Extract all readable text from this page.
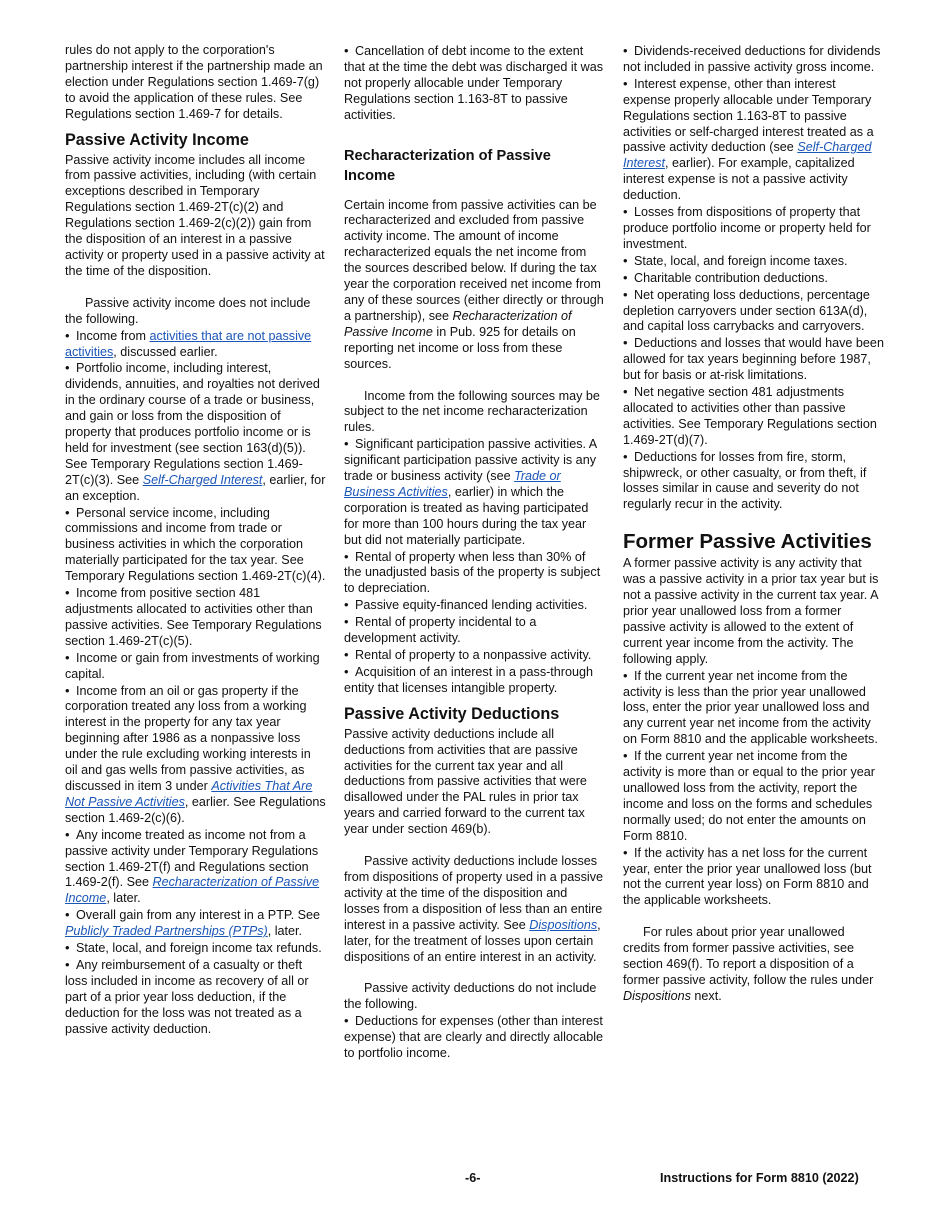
rules do not apply to the corporation's partnership interest if the partnership made an election under Regulations section 1.469-7(g) to avoid the application of these rules. See Regulations section 1.469-7 for details.

Passive Activity Income

Passive activity income includes all income from passive activities, including (with certain exceptions described in Temporary Regulations section 1.469-2T(c)(2) and Regulations section 1.469-2(c)(2)) gain from the disposition of an interest in a passive activity or property used in a passive activity at the time of the disposition.

Passive activity income does not include the following.

• Income from activities that are not passive activities, discussed earlier.

• Portfolio income, including interest, dividends, annuities, and royalties not derived in the ordinary course of a trade or business, and gain or loss from the disposition of property that produces portfolio income or is held for investment (see section 163(d)(5)). See Temporary Regulations section 1.469-2T(c)(3). See Self-Charged Interest, earlier, for an exception.

• Personal service income, including commissions and income from trade or business activities in which the corporation materially participated for the tax year. See Temporary Regulations section 1.469-2T(c)(4).

• Income from positive section 481 adjustments allocated to activities other than passive activities. See Temporary Regulations section 1.469-2T(c)(5).

• Income or gain from investments of working capital.

• Income from an oil or gas property if the corporation treated any loss from a working interest in the property for any tax year beginning after 1986 as a nonpassive loss under the rule excluding working interests in oil and gas wells from passive activities, as discussed in item 3 under Activities That Are Not Passive Activities, earlier. See Regulations section 1.469-2(c)(6).

• Any income treated as income not from a passive activity under Temporary Regulations section 1.469-2T(f) and Regulations section 1.469-2(f). See Recharacterization of Passive Income, later.

• Overall gain from any interest in a PTP. See Publicly Traded Partnerships (PTPs), later.

• State, local, and foreign income tax refunds.

• Any reimbursement of a casualty or theft loss included in income as recovery of all or part of a prior year loss deduction, if the deduction for the loss was not treated as a passive activity deduction.

• Cancellation of debt income to the extent that at the time the debt was discharged it was not properly allocable under Temporary Regulations section 1.163-8T to passive activities.

Recharacterization of Passive Income

Certain income from passive activities can be recharacterized and excluded from passive activity income. The amount of income recharacterized equals the net income from the sources described below. If during the tax year the corporation received net income from any of these sources (either directly or through a partnership), see Recharacterization of Passive Income in Pub. 925 for details on reporting net income or loss from these sources.

Income from the following sources may be subject to the net income recharacterization rules.

• Significant participation passive activities. A significant participation passive activity is any trade or business activity (see Trade or Business Activities, earlier) in which the corporation is treated as having participated for more than 100 hours during the tax year but did not materially participate.

• Rental of property when less than 30% of the unadjusted basis of the property is subject to depreciation.

• Passive equity-financed lending activities.

• Rental of property incidental to a development activity.

• Rental of property to a nonpassive activity.

• Acquisition of an interest in a pass-through entity that licenses intangible property.

Passive Activity Deductions

Passive activity deductions include all deductions from activities that are passive activities for the current tax year and all deductions from passive activities that were disallowed under the PAL rules in prior tax years and carried forward to the current tax year under section 469(b).

Passive activity deductions include losses from dispositions of property used in a passive activity at the time of the disposition and losses from a disposition of less than an entire interest in a passive activity. See Dispositions, later, for the treatment of losses upon certain dispositions of an entire interest in an activity.

Passive activity deductions do not include the following.

• Deductions for expenses (other than interest expense) that are clearly and directly allocable to portfolio income.

• Dividends-received deductions for dividends not included in passive activity gross income.

• Interest expense, other than interest expense properly allocable under Temporary Regulations section 1.163-8T to passive activities or self-charged interest treated as a passive activity deduction (see Self-Charged Interest, earlier). For example, capitalized interest expense is not a passive activity deduction.

• Losses from dispositions of property that produce portfolio income or property held for investment.

• State, local, and foreign income taxes.

• Charitable contribution deductions.

• Net operating loss deductions, percentage depletion carryovers under section 613A(d), and capital loss carrybacks and carryovers.

• Deductions and losses that would have been allowed for tax years beginning before 1987, but for basis or at-risk limitations.

• Net negative section 481 adjustments allocated to activities other than passive activities. See Temporary Regulations section 1.469-2T(d)(7).

• Deductions for losses from fire, storm, shipwreck, or other casualty, or from theft, if losses similar in cause and severity do not regularly recur in the activity.

Former Passive Activities

A former passive activity is any activity that was a passive activity in a prior tax year but is not a passive activity in the current tax year. A prior year unallowed loss from a former passive activity is allowed to the extent of current year income from the activity. The following apply.

• If the current year net income from the activity is less than the prior year unallowed loss, enter the prior year unallowed loss and any current year net income from the activity on Form 8810 and the applicable worksheets.

• If the current year net income from the activity is more than or equal to the prior year unallowed loss from the activity, report the income and loss on the forms and schedules normally used; do not enter the amounts on Form 8810.

• If the activity has a net loss for the current year, enter the prior year unallowed loss (but not the current year loss) on Form 8810 and the applicable worksheets.

For rules about prior year unallowed credits from former passive activities, see section 469(f). To report a disposition of a former passive activity, follow the rules under Dispositions next.

-6-	Instructions for Form 8810 (2022)
